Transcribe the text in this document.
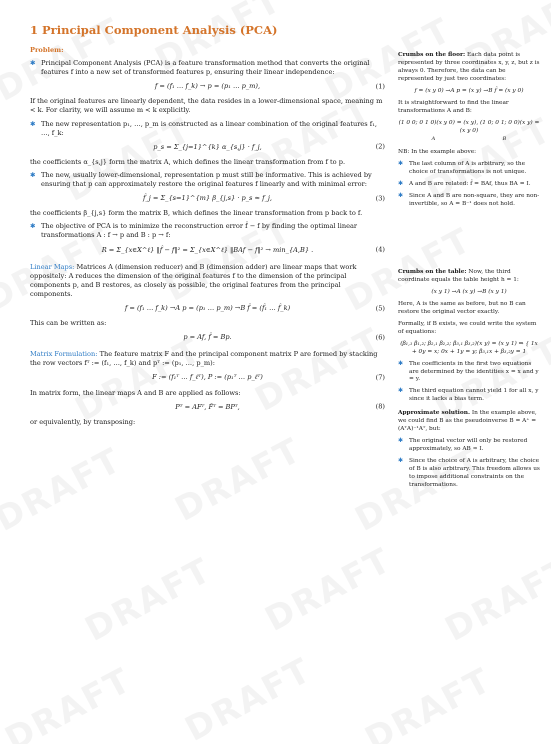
1 Principal Component Analysis (PCA)
Problem:
✱ Principal Component Analysis (PCA) is a feature transformation method that converts the original features f into a new set of transformed features p, ensuring their linear independence:
f = (f₁ … f_k) → p = (p₁ … p_m),	(1)
If the original features are linearly dependent, the data resides in a lower-dimensional space, meaning m < k. For clarity, we will assume m < k explicitly.
✱ The new representation p₁, …, p_m is constructed as a linear combination of the original features f₁, …, f_k:
p_s = Σ_{j=1}^{k} α_{s,j} · f_j,	(2)
the coefficients α_{s,j} form the matrix A, which defines the linear transformation from f to p.
✱ The new, usually lower-dimensional, representation p must still be informative. This is achieved by ensuring that p can approximately restore the original features f linearly and with minimal error:
f̂_j = Σ_{s=1}^{m} β_{j,s} · p_s ≈ f_j,	(3)
the coefficients β_{j,s} form the matrix B, which defines the linear transformation from p back to f.
✱ The objective of PCA is to minimize the reconstruction error f̂ − f by finding the optimal linear transformations A : f → p and B : p → f:
R = Σ_{x∈X^ℓ} ‖f̂ − f‖² = Σ_{x∈X^ℓ} ‖BAf − f‖² → min_{A,B} .	(4)
Linear Maps: Matrices A (dimension reducer) and B (dimension adder) are linear maps that work oppositely: A reduces the dimension of the original features f to the dimension of the principal components p, and B restores, as closely as possible, the original features from the principal components.
f = (f₁ … f_k) →A p = (p₁ … p_m) →B f̂ = (f̂₁ … f̂_k)	(5)
This can be written as:
p = Af, f̂ = Bp.	(6)
Matrix Formulation: The feature matrix F and the principal component matrix P are formed by stacking the row vectors fᵀ := (f₁, …, f_k) and pᵀ := (p₁, …, p_m):
F := (f₁ᵀ … f_ℓᵀ), P := (p₁ᵀ … p_ℓᵀ)	(7)
In matrix form, the linear maps A and B are applied as follows:
Pᵀ = AFᵀ, F̂ᵀ = BPᵀ,	(8)
or equivalently, by transposing:
Crumbs on the floor: Each data point is represented by three coordinates x, y, z, but z is always 0. Therefore, the data can be represented by just two coordinates:
f = (x y 0) →A p = (x y) →B f̂ = (x y 0)
It is straightforward to find the linear transformations A and B:
(1 0 0; 0 1 0)(x y 0) = (x y), (1 0; 0 1; 0 0)(x y) = (x y 0)
A	B
NB: In the example above:
✱ The last column of A is arbitrary, so the choice of transformations is not unique.
✱ A and B are related: f̂ = BAf, thus BA = I.
✱ Since A and B are non-square, they are non-invertible, so A = B⁻¹ does not hold.
Crumbs on the table: Now, the third coordinate equals the table height h = 1:
(x y 1) →A (x y) →B (x y 1)
Here, A is the same as before, but no B can restore the original vector exactly.
Formally, if B exists, we could write the system of equations:
(β₁,₁ β₁,₂; β₂,₁ β₂,₂; β₃,₁ β₃,₂)(x y) = (x y 1) ⇒ { 1x + 0y = x; 0x + 1y = y; β₃,₁x + β₃,₂y = 1
✱ The coefficients in the first two equations are determined by the identities x = x and y = y.
✱ The third equation cannot yield 1 for all x, y since it lacks a bias term.
Approximate solution. In the example above, we could find B as the pseudoinverse B = A⁺ = (AᵀA)⁻¹Aᵀ, but:
✱ The original vector will only be restored approximately, so AB ≈ I.
✱ Since the choice of A is arbitrary, the choice of B is also arbitrary. This freedom allows us to impose additional constraints on the transformations.
